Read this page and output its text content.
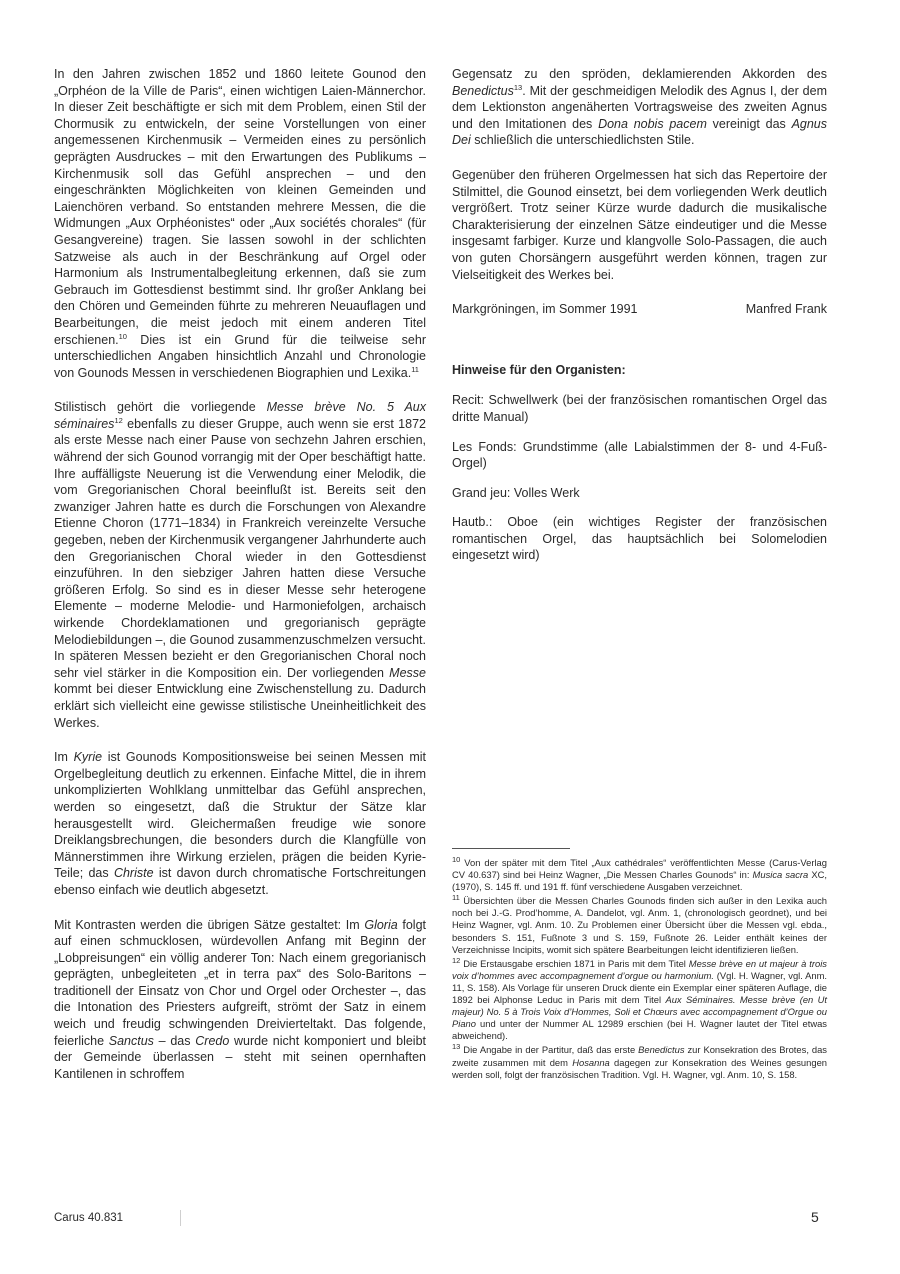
In den Jahren zwischen 1852 und 1860 leitete Gounod den „Orphéon de la Ville de Paris“, einen wichtigen Laien-Männerchor. In dieser Zeit beschäftigte er sich mit dem Problem, einen Stil der Chormusik zu entwickeln, der seine Vorstellungen von einer angemessenen Kirchenmusik – Vermeiden eines zu persönlich geprägten Ausdruckes – mit den Erwartungen des Publikums – Kirchenmusik soll das Gefühl ansprechen – und den eingeschränkten Möglichkeiten von kleinen Gemeinden und Laienchören verband. So entstanden mehrere Messen, die die Widmungen „Aux Orphéonistes“ oder „Aux sociétés chorales“ (für Gesangvereine) tragen. Sie lassen sowohl in der schlichten Satzweise als auch in der Beschränkung auf Orgel oder Harmonium als Instrumentalbegleitung erkennen, daß sie zum Gebrauch im Gottesdienst bestimmt sind. Ihr großer Anklang bei den Chören und Gemeinden führte zu mehreren Neuauflagen und Bearbeitungen, die meist jedoch mit einem anderen Titel erschienen.$^{10}$ Dies ist ein Grund für die teilweise sehr unterschiedlichen Angaben hinsichtlich Anzahl und Chronologie von Gounods Messen in verschiedenen Biographien und Lexika.$^{11}$

Stilistisch gehört die vorliegende Messe brève No. 5 Aux séminaires$^{12}$ ebenfalls zu dieser Gruppe, auch wenn sie erst 1872 als erste Messe nach einer Pause von sechzehn Jahren erschien, während der sich Gounod vorrangig mit der Oper beschäftigt hatte. Ihre auffälligste Neuerung ist die Verwendung einer Melodik, die vom Gregorianischen Choral beeinflußt ist. Bereits seit den zwanziger Jahren hatte es durch die Forschungen von Alexandre Etienne Choron (1771–1834) in Frankreich vereinzelte Versuche gegeben, neben der Kirchenmusik vergangener Jahrhunderte auch den Gregorianischen Choral wieder in den Gottesdienst einzuführen. In den siebziger Jahren hatten diese Versuche größeren Erfolg. So sind es in dieser Messe sehr heterogene Elemente – moderne Melodie- und Harmoniefolgen, archaisch wirkende Chordeklamationen und gregorianisch geprägte Melodiebildungen –, die Gounod zusammenzuschmelzen versucht. In späteren Messen bezieht er den Gregorianischen Choral noch sehr viel stärker in die Komposition ein. Der vorliegenden Messe kommt bei dieser Entwicklung eine Zwischenstellung zu. Dadurch erklärt sich vielleicht eine gewisse stilistische Uneinheitlichkeit des Werkes.

Im Kyrie ist Gounods Kompositionsweise bei seinen Messen mit Orgelbegleitung deutlich zu erkennen. Einfache Mittel, die in ihrem unkomplizierten Wohlklang unmittelbar das Gefühl ansprechen, werden so eingesetzt, daß die Struktur der Sätze klar herausgestellt wird. Gleichermaßen freudige wie sonore Dreiklangsbrechungen, die besonders durch die Klangfülle von Männerstimmen ihre Wirkung erzielen, prägen die beiden Kyrie-Teile; das Christe ist davon durch chromatische Fortschreitungen ebenso einfach wie deutlich abgesetzt.

Mit Kontrasten werden die übrigen Sätze gestaltet: Im Gloria folgt auf einen schmucklosen, würdevollen Anfang mit Beginn der „Lobpreisungen“ ein völlig anderer Ton: Nach einem gregorianisch geprägten, unbegleiteten „et in terra pax“ des Solo-Baritons – traditionell der Einsatz von Chor und Orgel oder Orchester –, das die Intonation des Priesters aufgreift, strömt der Satz in einem weich und freudig schwingenden Dreivierteltakt. Das folgende, feierliche Sanctus – das Credo wurde nicht komponiert und bleibt der Gemeinde überlassen – steht mit seinen opernhaften Kantilenen in schroffem

Gegensatz zu den spröden, deklamierenden Akkorden des Benedictus$^{13}$. Mit der geschmeidigen Melodik des Agnus I, der dem dem Lektionston angenäherten Vortragsweise des zweiten Agnus und den Imitationen des Dona nobis pacem vereinigt das Agnus Dei schließlich die unterschiedlichsten Stile.

Gegenüber den früheren Orgelmessen hat sich das Repertoire der Stilmittel, die Gounod einsetzt, bei dem vorliegenden Werk deutlich vergrößert. Trotz seiner Kürze wurde dadurch die musikalische Charakterisierung der einzelnen Sätze eindeutiger und die Messe insgesamt farbiger. Kurze und klangvolle Solo-Passagen, die auch von guten Chorsängern ausgeführt werden können, tragen zur Vielseitigkeit des Werkes bei.

Markgröningen, im Sommer 1991	Manfred Frank
Hinweise für den Organisten:

Recit: Schwellwerk (bei der französischen romantischen Orgel das dritte Manual)

Les Fonds: Grundstimme (alle Labialstimmen der 8- und 4-Fuß-Orgel)

Grand jeu: Volles Werk

Hautb.: Oboe (ein wichtiges Register der französischen romantischen Orgel, das hauptsächlich bei Solomelodien eingesetzt wird)

$^{10}$ Von der später mit dem Titel „Aux cathédrales“ veröffentlichten Messe (Carus-Verlag CV 40.637) sind bei Heinz Wagner, „Die Messen Charles Gounods“ in: Musica sacra XC, (1970), S. 145 ff. und 191 ff. fünf verschiedene Ausgaben verzeichnet.

$^{11}$ Übersichten über die Messen Charles Gounods finden sich außer in den Lexika auch noch bei J.-G. Prod’homme, A. Dandelot, vgl. Anm. 1, (chronologisch geordnet), und bei Heinz Wagner, vgl. Anm. 10. Zu Problemen einer Übersicht über die Messen vgl. ebda., besonders S. 151, Fußnote 3 und S. 159, Fußnote 26. Leider enthält keines der Verzeichnisse Incipits, womit sich spätere Bearbeitungen leicht identifizieren ließen.

$^{12}$ Die Erstausgabe erschien 1871 in Paris mit dem Titel Messe brève en ut majeur à trois voix d’hommes avec accompagnement d’orgue ou harmonium. (Vgl. H. Wagner, vgl. Anm. 11, S. 158). Als Vorlage für unseren Druck diente ein Exemplar einer späteren Auflage, die 1892 bei Alphonse Leduc in Paris mit dem Titel Aux Séminaires. Messe brève (en Ut majeur) No. 5 à Trois Voix d’Hommes, Soli et Chœurs avec accompagnement d’Orgue ou Piano und unter der Nummer AL 12989 erschien (bei H. Wagner lautet der Titel etwas abweichend).

$^{13}$ Die Angabe in der Partitur, daß das erste Benedictus zur Konsekration des Brotes, das zweite zusammen mit dem Hosanna dagegen zur Konsekration des Weines gesungen werden soll, folgt der französischen Tradition. Vgl. H. Wagner, vgl. Anm. 10, S. 158.

Carus 40.831	5
